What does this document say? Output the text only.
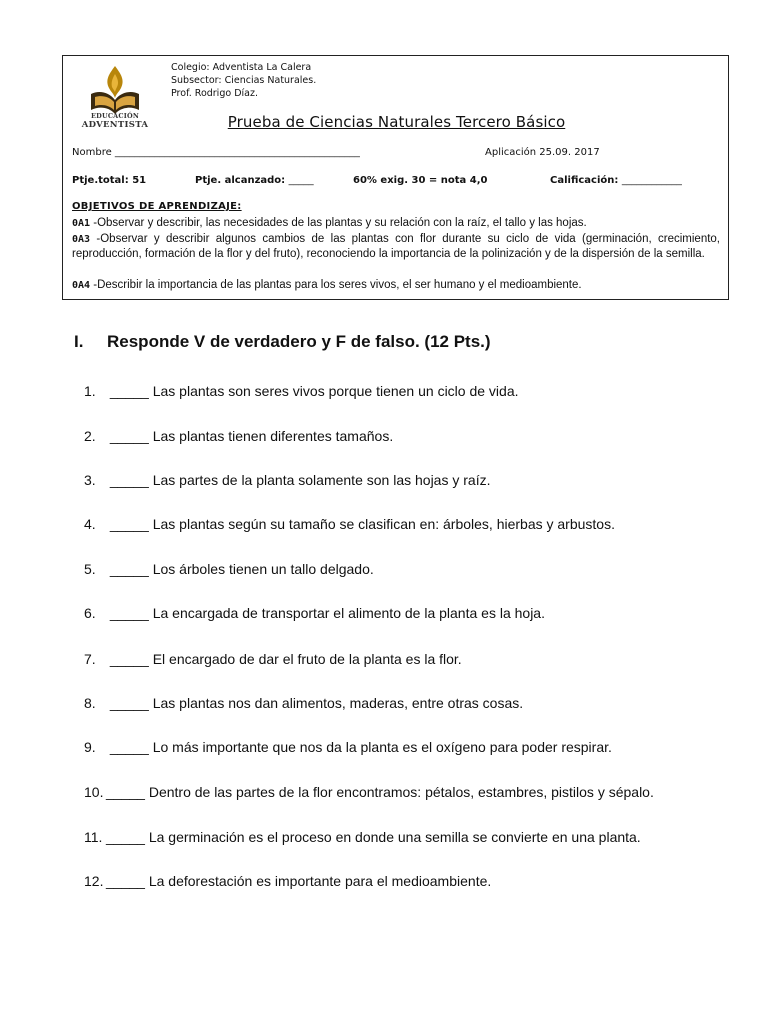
EDUCACIÓN
ADVENTISTA
Colegio: Adventista La Calera
Subsector: Ciencias Naturales.
Prof. Rodrigo Díaz.
Prueba de Ciencias Naturales Tercero Básico
Nombre _________________________________________________	Aplicación 25.09. 2017
Ptje.total: 51	Ptje. alcanzado: _____	60% exig. 30 = nota 4,0	Calificación: ____________
OBJETIVOS DE APRENDIZAJE:
0A1 -Observar y describir, las necesidades de las plantas y su relación con la raíz, el tallo y las hojas.
0A3 -Observar y describir algunos cambios de las plantas con flor durante su ciclo de vida (germinación, crecimiento, reproducción, formación de la flor y del fruto), reconociendo la importancia de la polinización y de la dispersión de la semilla.
0A4 -Describir la importancia de las plantas para los seres vivos, el ser humano y el medioambiente.
I. Responde V de verdadero y F de falso. (12 Pts.)
1. _____ Las plantas son seres vivos porque tienen un ciclo de vida.
2. _____ Las plantas tienen diferentes tamaños.
3. _____ Las partes de la planta solamente son las hojas y raíz.
4. _____ Las plantas según su tamaño se clasifican en: árboles, hierbas y arbustos.
5. _____ Los árboles tienen un tallo delgado.
6. _____ La encargada de transportar el alimento de la planta es la hoja.
7. _____ El encargado de dar el fruto de la planta es la flor.
8. _____ Las plantas nos dan alimentos, maderas, entre otras cosas.
9. _____ Lo más importante que nos da la planta es el oxígeno para poder respirar.
10. _____ Dentro de las partes de la flor encontramos: pétalos, estambres, pistilos y sépalo.
11. _____ La germinación es el proceso en donde una semilla se convierte en una planta.
12. _____ La deforestación es importante para el medioambiente.
